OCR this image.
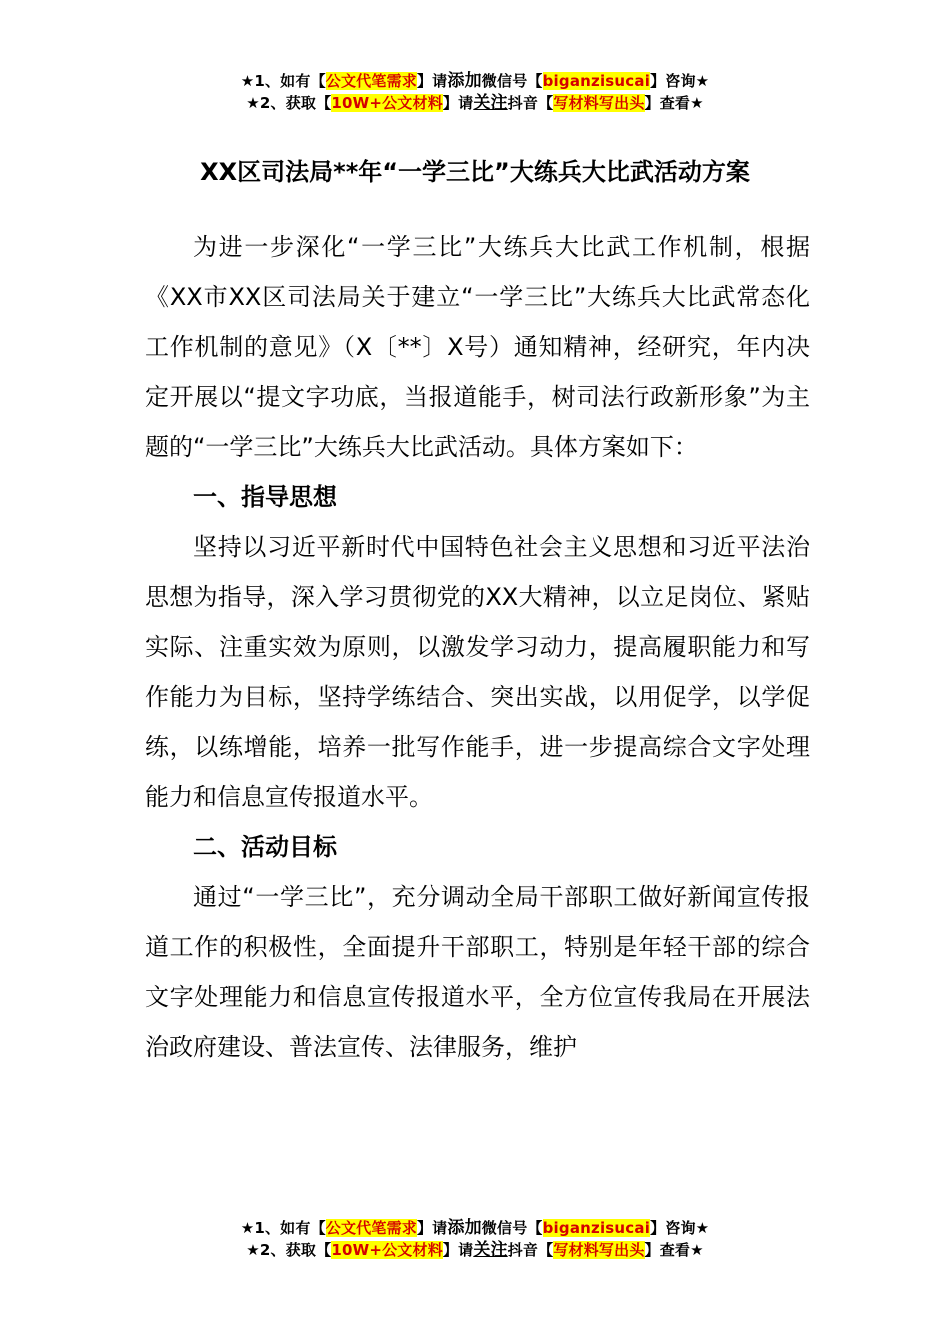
★1、如有【公文代笔需求】请添加微信号【biganzisucai】咨询★
★2、获取【10W+公文材料】请关注抖音【写材料写出头】查看★
XX区司法局**年“一学三比”大练兵大比武活动方案

为进一步深化“一学三比”大练兵大比武工作机制，根据《XX市XX区司法局关于建立“一学三比”大练兵大比武常态化工作机制的意见》（X〔**〕X号）通知精神，经研究，年内决定开展以“提文字功底，当报道能手，树司法行政新形象”为主题的“一学三比”大练兵大比武活动。具体方案如下：

一、指导思想

坚持以习近平新时代中国特色社会主义思想和习近平法治思想为指导，深入学习贯彻党的XX大精神，以立足岗位、紧贴实际、注重实效为原则，以激发学习动力，提高履职能力和写作能力为目标，坚持学练结合、突出实战，以用促学，以学促练，以练增能，培养一批写作能手，进一步提高综合文字处理能力和信息宣传报道水平。

二、活动目标

通过“一学三比”，充分调动全局干部职工做好新闻宣传报道工作的积极性，全面提升干部职工，特别是年轻干部的综合文字处理能力和信息宣传报道水平，全方位宣传我局在开展法治政府建设、普法宣传、法律服务，维护

★1、如有【公文代笔需求】请添加微信号【biganzisucai】咨询★
★2、获取【10W+公文材料】请关注抖音【写材料写出头】查看★
